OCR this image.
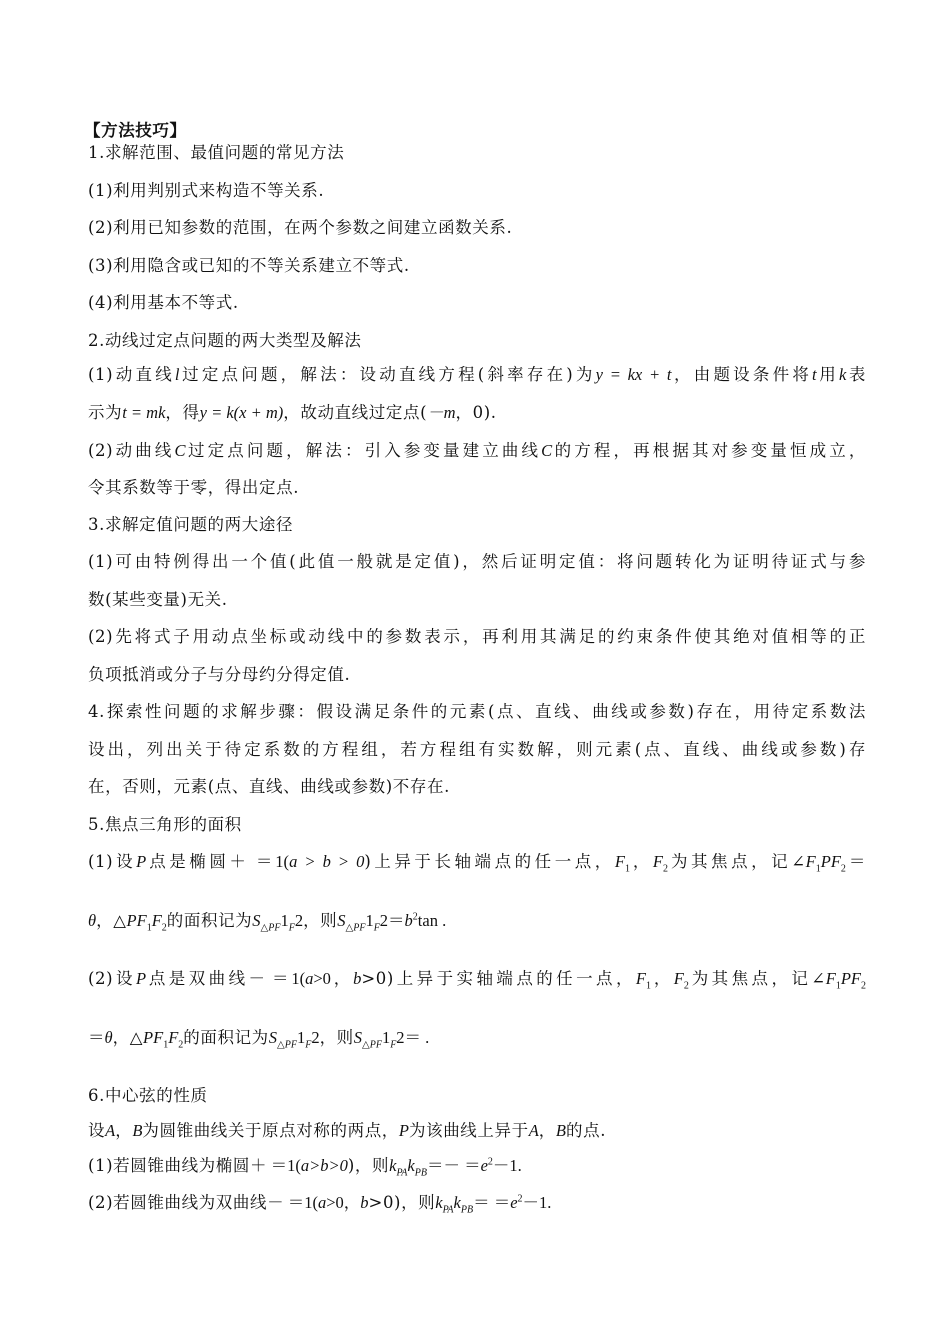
【方法技巧】
1.求解范围、最值问题的常见方法
(1)利用判别式来构造不等关系.
(2)利用已知参数的范围，在两个参数之间建立函数关系.
(3)利用隐含或已知的不等关系建立不等式.
(4)利用基本不等式.
2.动线过定点问题的两大类型及解法
(1)动直线l过定点问题，解法：设动直线方程(斜率存在)为y = kx + t，由题设条件将t用k表
示为t = mk，得y = k(x + m)，故动直线过定点(－m，0).
(2)动曲线C过定点问题，解法：引入参变量建立曲线C的方程，再根据其对参变量恒成立，
令其系数等于零，得出定点.
3.求解定值问题的两大途径
(1)可由特例得出一个值(此值一般就是定值)，然后证明定值：将问题转化为证明待证式与参
数(某些变量)无关.
(2)先将式子用动点坐标或动线中的参数表示，再利用其满足的约束条件使其绝对值相等的正
负项抵消或分子与分母约分得定值.
4.探索性问题的求解步骤：假设满足条件的元素(点、直线、曲线或参数)存在，用待定系数法
设出，列出关于待定系数的方程组，若方程组有实数解，则元素(点、直线、曲线或参数)存
在，否则，元素(点、直线、曲线或参数)不存在.
5.焦点三角形的面积
(1)设P点是椭圆＋ ＝1(a > b > 0)上异于长轴端点的任一点，$F_1$，$F_2$为其焦点，记$\angle F_1PF_2=$
θ，$\triangle PF_1F_2$的面积记为$S_{\triangle PF}1_F2$，则$S_{\triangle PF}1_F2=b^2\tan$ .
(2)设P点是双曲线－ ＝1(a>0，b>0)上异于实轴端点的任一点，$F_1$，$F_2$为其焦点，记$\angle F_1PF_2$
＝θ，$\triangle PF_1F_2$的面积记为$S_{\triangle PF}1_F2$，则$S_{\triangle PF}1_F2=$ .
6.中心弦的性质
设A，B为圆锥曲线关于原点对称的两点，P为该曲线上异于A，B的点.
(1)若圆锥曲线为椭圆＋ ＝1(a>b>0)，则$k_{PA}k_{PB}=- =e^2-1$.
(2)若圆锥曲线为双曲线－ ＝1(a>0，b>0)，则$k_{PA}k_{PB}= =e^2-1$.
